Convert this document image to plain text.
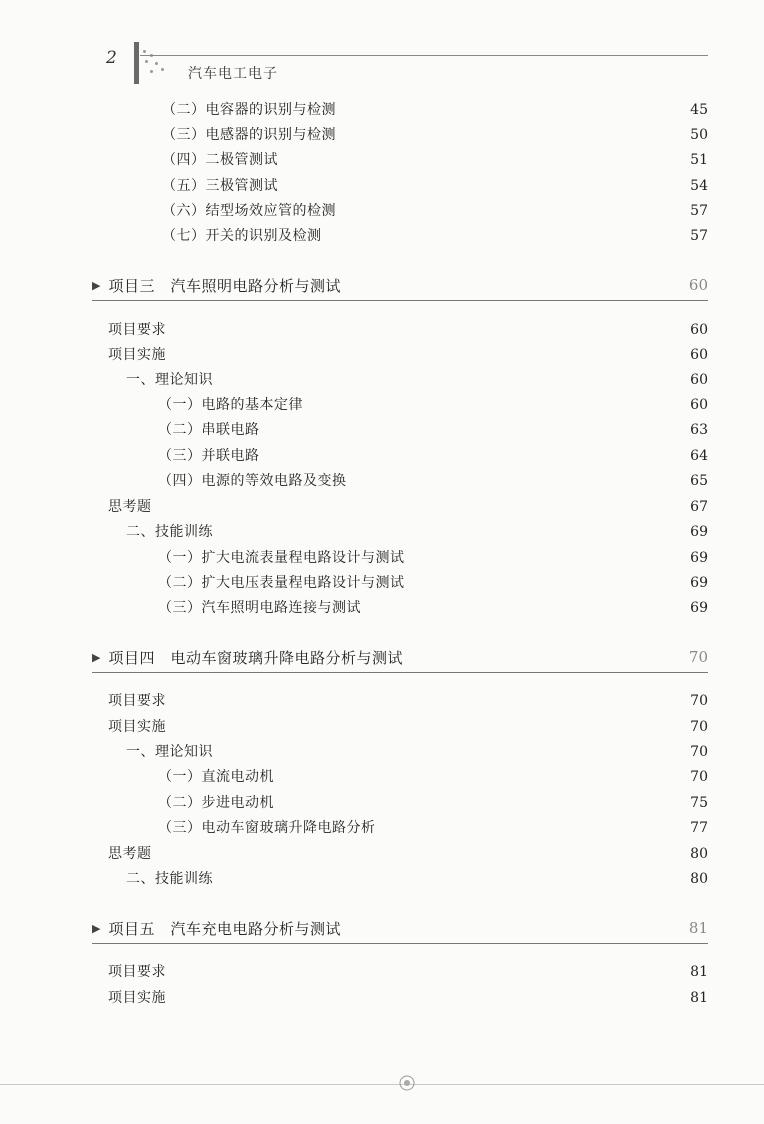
2
汽车电工电子
（二）电容器的识别与检测	45
（三）电感器的识别与检测	50
（四）二极管测试	51
（五）三极管测试	54
（六）结型场效应管的检测	57
（七）开关的识别及检测	57
▶ 项目三　汽车照明电路分析与测试	60
项目要求	60
项目实施	60
一、理论知识	60
（一）电路的基本定律	60
（二）串联电路	63
（三）并联电路	64
（四）电源的等效电路及变换	65
思考题	67
二、技能训练	69
（一）扩大电流表量程电路设计与测试	69
（二）扩大电压表量程电路设计与测试	69
（三）汽车照明电路连接与测试	69
▶ 项目四　电动车窗玻璃升降电路分析与测试	70
项目要求	70
项目实施	70
一、理论知识	70
（一）直流电动机	70
（二）步进电动机	75
（三）电动车窗玻璃升降电路分析	77
思考题	80
二、技能训练	80
▶ 项目五　汽车充电电路分析与测试	81
项目要求	81
项目实施	81
